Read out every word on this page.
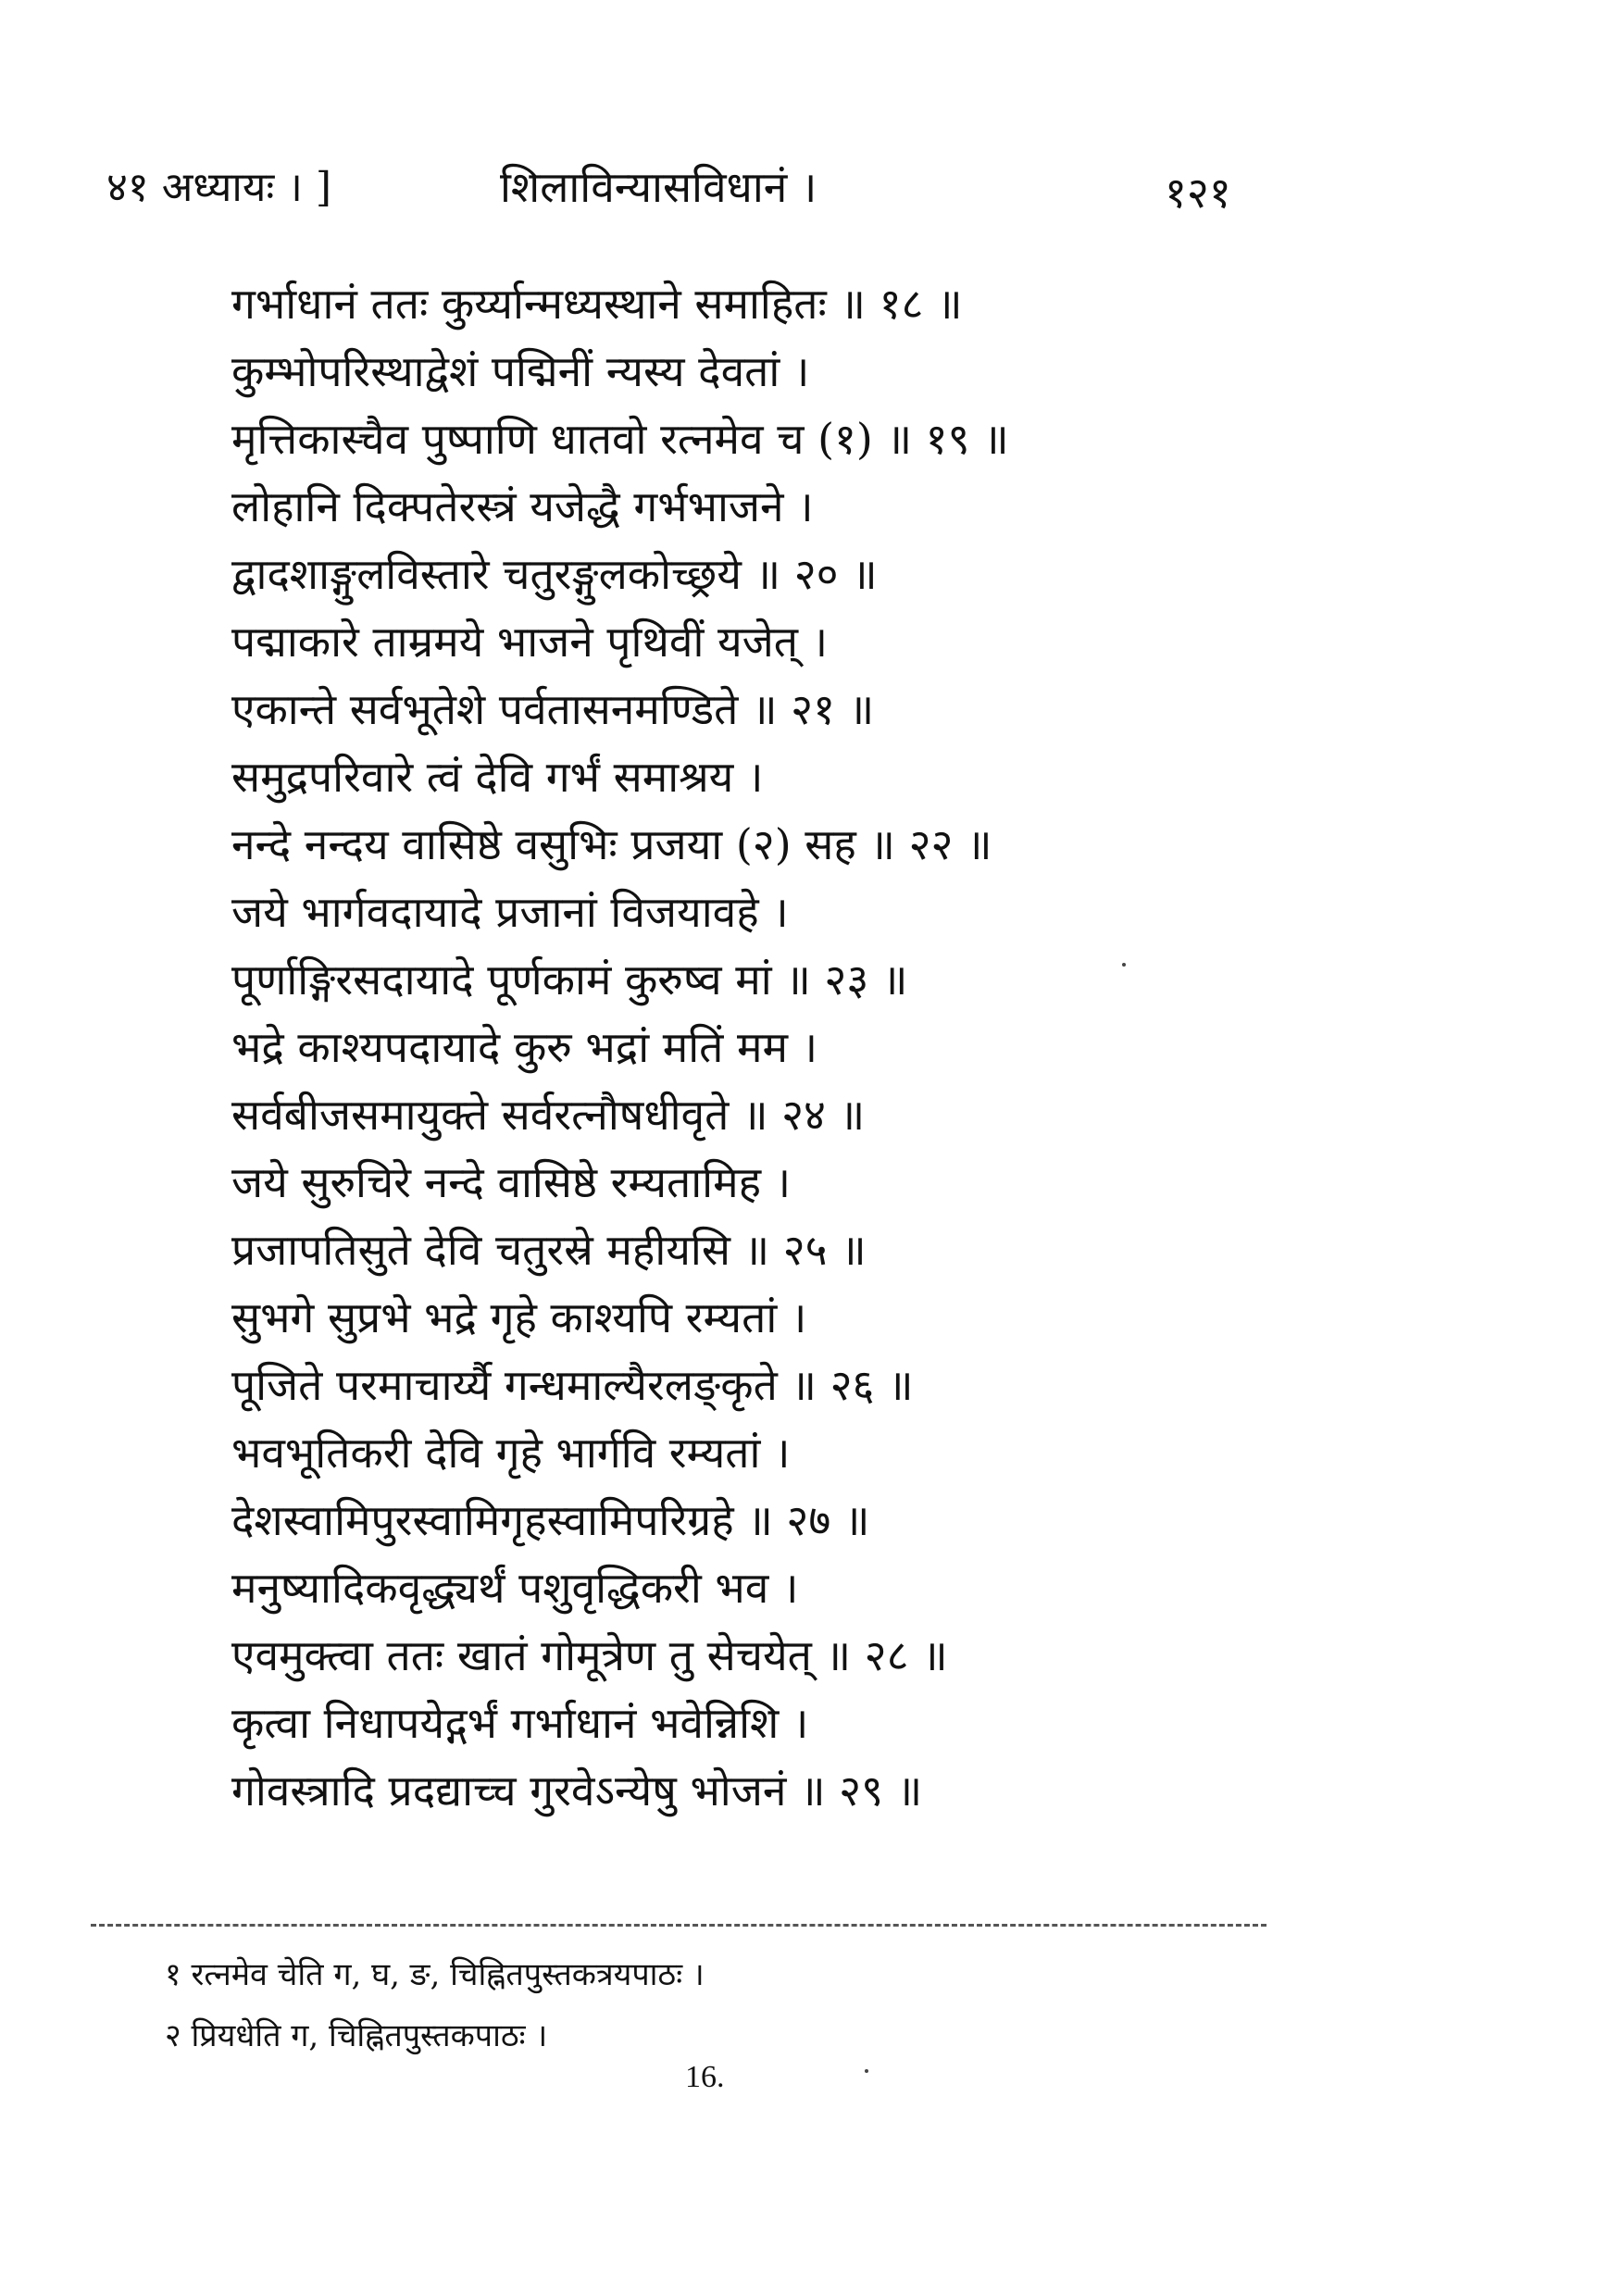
४१ अध्यायः । ]	शिलाविन्यासविधानं ।	१२१
गर्भाधानं ततः कुर्य्यान्मध्यस्थाने समाहितः ॥ १८ ॥
कुम्भोपरिस्थाद्वेशं पद्मिनीं न्यस्य देवतां ।
मृत्तिकास्चैव पुष्पाणि धातवो रत्नमेव च (१) ॥ १९ ॥
लोहानि दिक्पतेरस्त्रं यजेद्धै गर्भभाजने ।
द्वादशाङ्गुलविस्तारे चतुरङ्गुलकोच्छ्रये ॥ २० ॥
पद्माकारे ताम्रमये भाजने पृथिवीं यजेत् ।
एकान्ते सर्वभूतेशे पर्वतासनमण्डिते ॥ २१ ॥
समुद्रपरिवारे त्वं देवि गर्भं समाश्रय ।
नन्दे नन्दय वासिष्ठे वसुभिः प्रजया (२) सह ॥ २२ ॥
जये भार्गवदायादे प्रजानां विजयावहे ।
पूर्णाङ्गिरसदायादे पूर्णकामं कुरुष्व मां ॥ २३ ॥
भद्रे काश्यपदायादे कुरु भद्रां मतिं मम ।
सर्वबीजसमायुक्ते सर्वरत्नौषधीवृते ॥ २४ ॥
जये सुरुचिरे नन्दे वासिष्ठे रम्यतामिह ।
प्रजापतिसुते देवि चतुरस्रे महीयसि ॥ २५ ॥
सुभगे सुप्रभे भद्रे गृहे काश्यपि रम्यतां ।
पूजिते परमाचार्य्यै गन्धमाल्यैरलङ्कृते ॥ २६ ॥
भवभूतिकरी देवि गृहे भार्गवि रम्यतां ।
देशस्वामिपुरस्वामिगृहस्वामिपरिग्रहे ॥ २७ ॥
मनुष्यादिकवृद्ध्यर्थं पशुवृद्धिकरी भव ।
एवमुक्त्वा ततः खातं गोमूत्रेण तु सेचयेत् ॥ २८ ॥
कृत्वा निधापयेद्गर्भं गर्भाधानं भवेन्निशि ।
गोवस्त्रादि प्रदद्याच्च गुरवेऽन्येषु भोजनं ॥ २९ ॥
१ रत्नमेव चेति ग, घ, ङ, चिह्नितपुस्तकत्रयपाठः ।
२ प्रियधेति ग, चिह्नितपुस्तकपाठः ।
16.
